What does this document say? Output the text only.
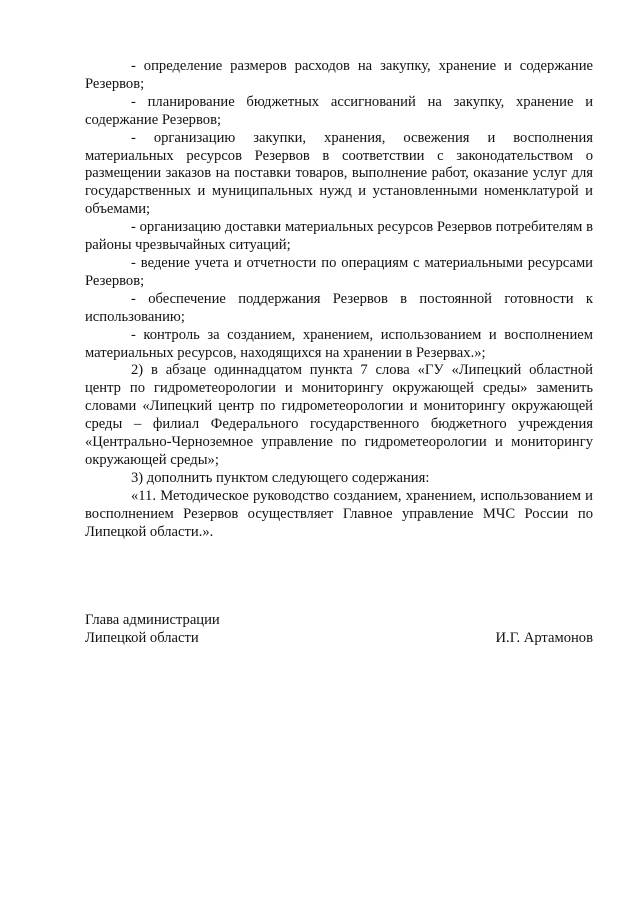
- определение размеров расходов на закупку, хранение и содержание Резервов;

- планирование бюджетных ассигнований на закупку, хранение и содержание Резервов;

- организацию закупки, хранения, освежения и восполнения материальных ресурсов Резервов в соответствии с законодательством о размещении заказов на поставки товаров, выполнение работ, оказание услуг для государственных и муниципальных нужд и установленными номенклатурой и объемами;

- организацию доставки материальных ресурсов Резервов потребителям в районы чрезвычайных ситуаций;

- ведение учета и отчетности по операциям с материальными ресурсами Резервов;

- обеспечение поддержания Резервов в постоянной готовности к использованию;

- контроль за созданием, хранением, использованием и восполнением материальных ресурсов, находящихся на хранении в Резервах.»;

2) в абзаце одиннадцатом пункта 7 слова «ГУ «Липецкий областной центр по гидрометеорологии и мониторингу окружающей среды» заменить словами «Липецкий центр по гидрометеорологии и мониторингу окружающей среды – филиал Федерального государственного бюджетного учреждения «Центрально-Черноземное управление по гидрометеорологии и мониторингу окружающей среды»;

3) дополнить пунктом следующего содержания:

«11. Методическое руководство созданием, хранением, использованием и восполнением Резервов осуществляет Главное управление МЧС России по Липецкой области.».

Глава администрации
Липецкой области	И.Г. Артамонов
